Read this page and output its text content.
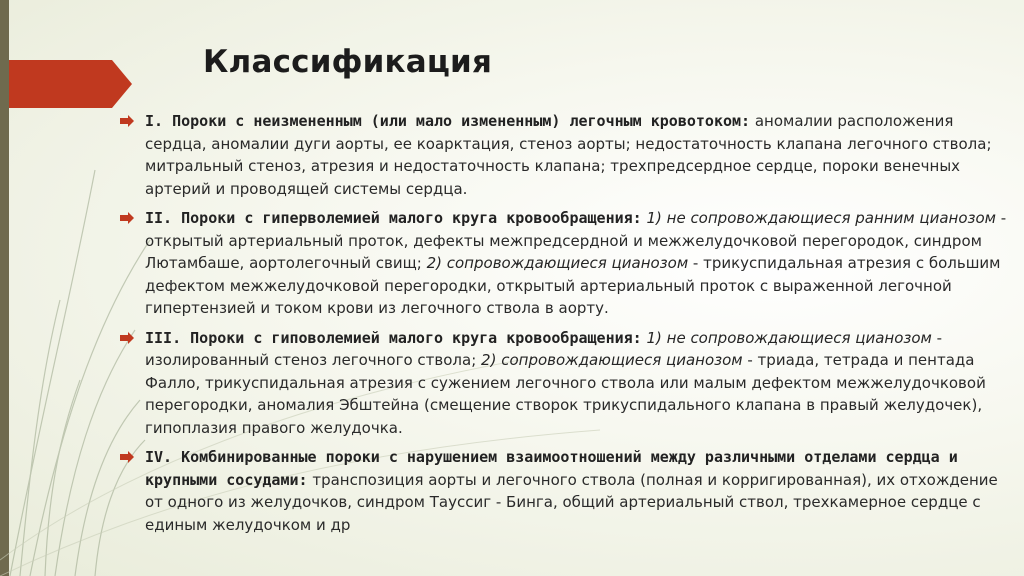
Классификация
I. Пороки с неизмененным (или мало измененным) легочным кровотоком: аномалии расположения сердца, аномалии дуги аорты, ее коарктация, стеноз аорты; недостаточность клапана легочного ствола; митральный стеноз, атрезия и недостаточность клапана; трехпредсердное сердце, пороки венечных артерий и проводящей системы сердца.
II. Пороки с гиперволемией малого круга кровообращения: 1) не сопровождающиеся ранним цианозом - открытый артериальный проток, дефекты межпредсердной и межжелудочковой перегородок, синдром Лютамбаше, аортолегочный свищ; 2) сопровождающиеся цианозом - трикуспидальная атрезия с большим дефектом межжелудочковой перегородки, открытый артериальный проток с выраженной легочной гипертензией и током крови из легочного ствола в аорту.
III. Пороки с гиповолемией малого круга кровообращения: 1) не сопровождающиеся цианозом - изолированный стеноз легочного ствола; 2) сопровождающиеся цианозом - триада, тетрада и пентада Фалло, трикуспидальная атрезия с сужением легочного ствола или малым дефектом межжелудочковой перегородки, аномалия Эбштейна (смещение створок трикуспидального клапана в правый желудочек), гипоплазия правого желудочка.
IV. Комбинированные пороки с нарушением взаимоотношений между различными отделами сердца и крупными сосудами: транспозиция аорты и легочного ствола (полная и корригированная), их отхождение от одного из желудочков, синдром Тауссиг - Бинга, общий артериальный ствол, трехкамерное сердце с единым желудочком и др
